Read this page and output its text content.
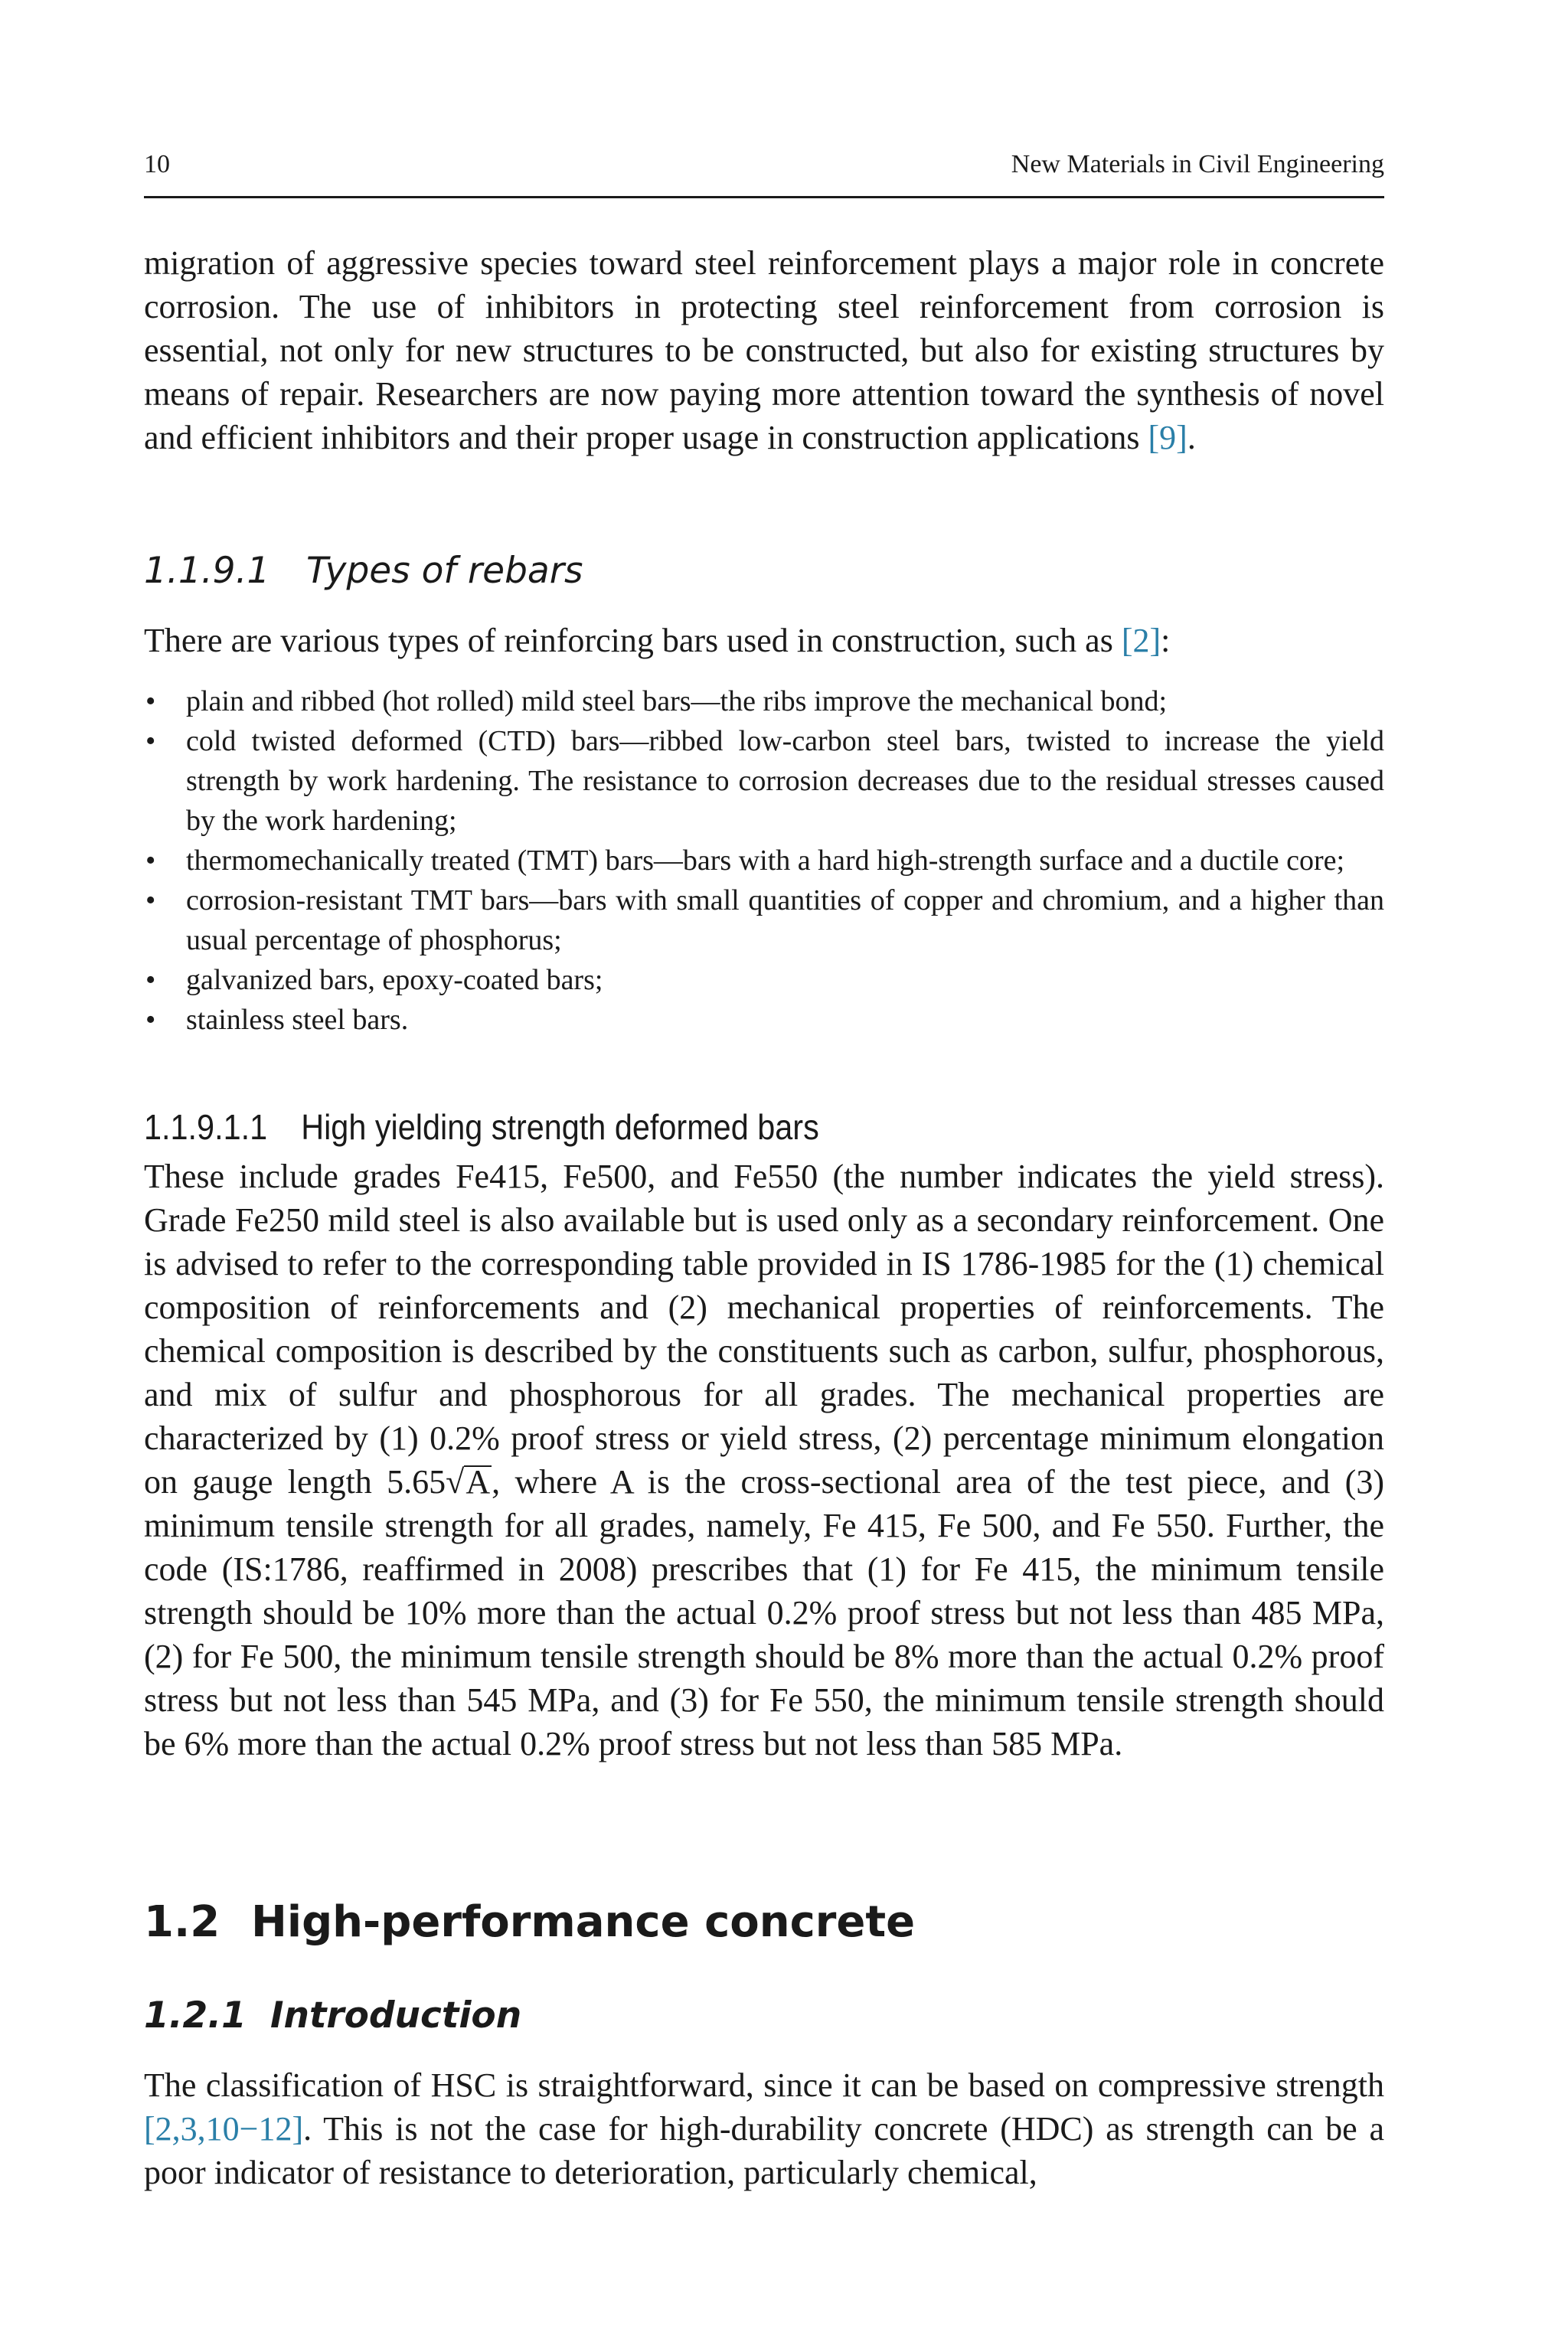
10	New Materials in Civil Engineering

migration of aggressive species toward steel reinforcement plays a major role in concrete corrosion. The use of inhibitors in protecting steel reinforcement from corrosion is essential, not only for new structures to be constructed, but also for existing structures by means of repair. Researchers are now paying more attention toward the synthesis of novel and efficient inhibitors and their proper usage in construction applications [9].

1.1.9.1 Types of rebars

There are various types of reinforcing bars used in construction, such as [2]:

• plain and ribbed (hot rolled) mild steel bars—the ribs improve the mechanical bond;
• cold twisted deformed (CTD) bars—ribbed low-carbon steel bars, twisted to increase the yield strength by work hardening. The resistance to corrosion decreases due to the residual stresses caused by the work hardening;
• thermomechanically treated (TMT) bars—bars with a hard high-strength surface and a ductile core;
• corrosion-resistant TMT bars—bars with small quantities of copper and chromium, and a higher than usual percentage of phosphorus;
• galvanized bars, epoxy-coated bars;
• stainless steel bars.
1.1.9.1.1 High yielding strength deformed bars

These include grades Fe415, Fe500, and Fe550 (the number indicates the yield stress). Grade Fe250 mild steel is also available but is used only as a secondary reinforcement. One is advised to refer to the corresponding table provided in IS 1786-1985 for the (1) chemical composition of reinforcements and (2) mechanical properties of reinforcements. The chemical composition is described by the constituents such as carbon, sulfur, phosphorous, and mix of sulfur and phosphorous for all grades. The mechanical properties are characterized by (1) 0.2% proof stress or yield stress, (2) percentage minimum elongation on gauge length 5.65√A, where A is the cross-sectional area of the test piece, and (3) minimum tensile strength for all grades, namely, Fe 415, Fe 500, and Fe 550. Further, the code (IS:1786, reaffirmed in 2008) prescribes that (1) for Fe 415, the minimum tensile strength should be 10% more than the actual 0.2% proof stress but not less than 485 MPa, (2) for Fe 500, the minimum tensile strength should be 8% more than the actual 0.2% proof stress but not less than 545 MPa, and (3) for Fe 550, the minimum tensile strength should be 6% more than the actual 0.2% proof stress but not less than 585 MPa.

1.2 High-performance concrete
1.2.1 Introduction

The classification of HSC is straightforward, since it can be based on compressive strength [2,3,10−12]. This is not the case for high-durability concrete (HDC) as strength can be a poor indicator of resistance to deterioration, particularly chemical,
